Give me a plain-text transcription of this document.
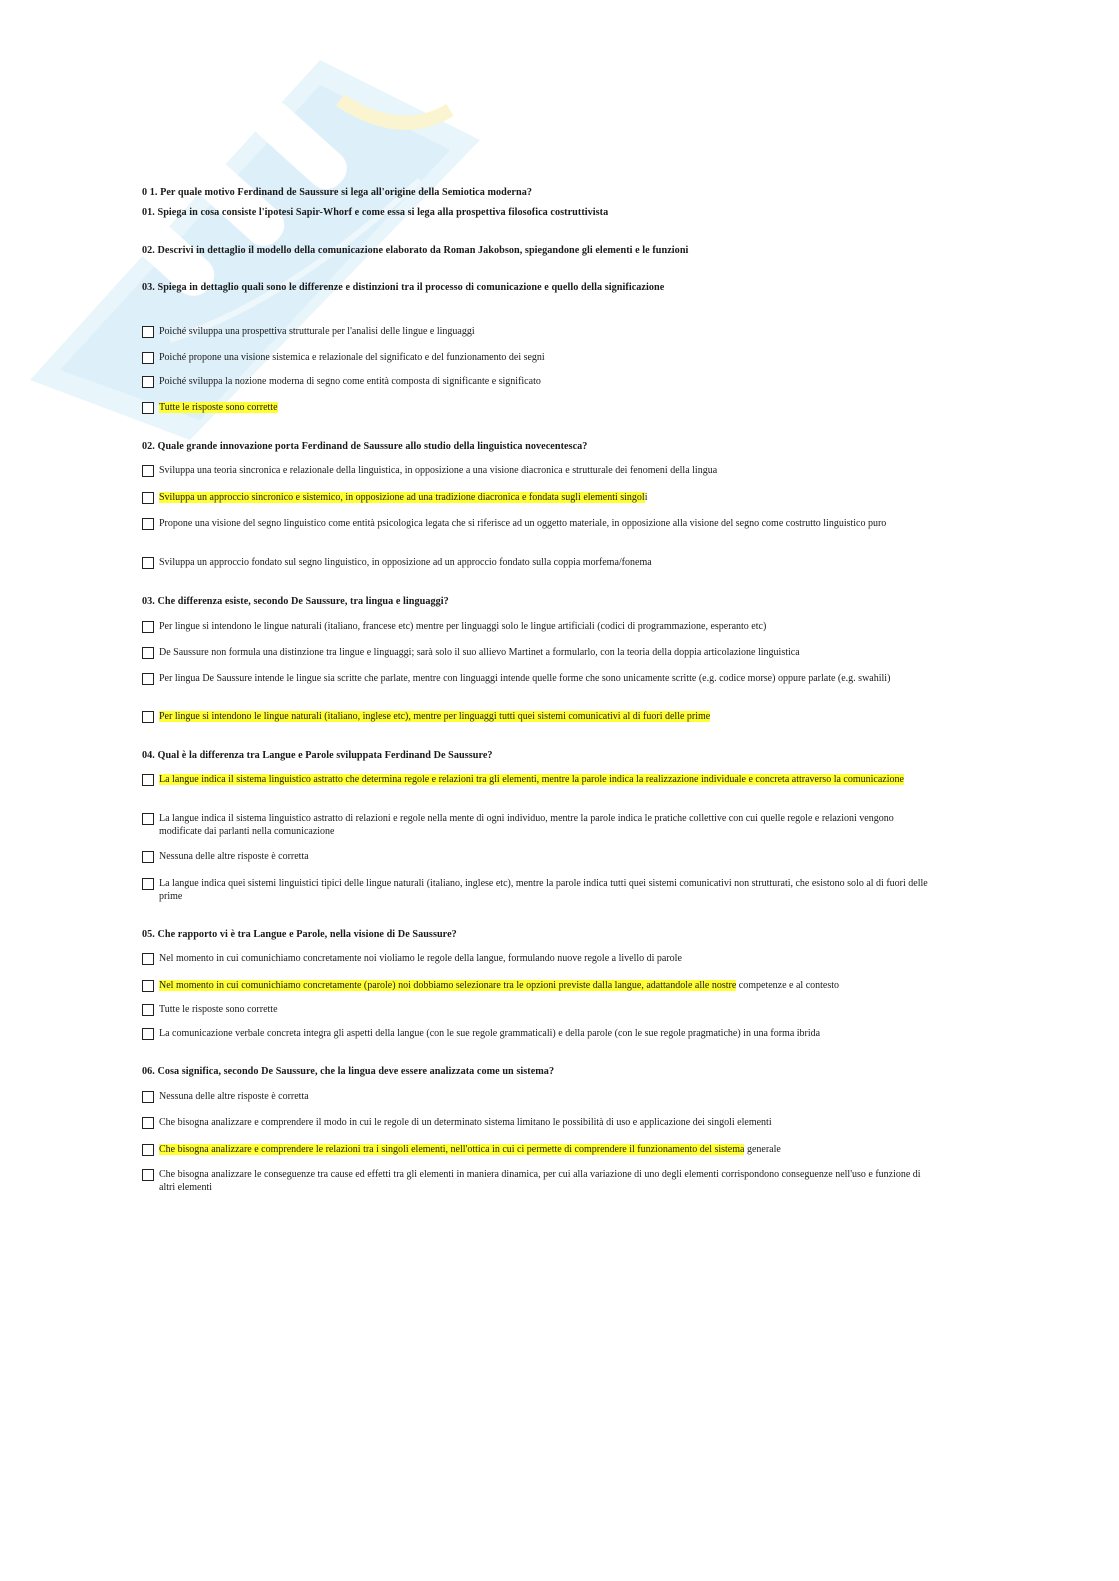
0 1. Per quale motivo Ferdinand de Saussure si lega all'origine della Semiotica moderna?
01. Spiega in cosa consiste l'ipotesi Sapir-Whorf e come essa si lega alla prospettiva filosofica costruttivista
02. Descrivi in dettaglio il modello della comunicazione elaborato da Roman Jakobson, spiegandone gli elementi e le funzioni
03. Spiega in dettaglio quali sono le differenze e distinzioni tra il processo di comunicazione e quello della significazione
Poiché sviluppa una prospettiva strutturale per l'analisi delle lingue e linguaggi
Poiché propone una visione sistemica e relazionale del significato e del funzionamento dei segni
Poiché sviluppa la nozione moderna di segno come entità composta di significante e significato
Tutte le risposte sono corrette
02. Quale grande innovazione porta Ferdinand de Saussure allo studio della linguistica novecentesca?
Sviluppa una teoria sincronica e relazionale della linguistica, in opposizione a una visione diacronica e strutturale dei fenomeni della lingua
Sviluppa un approccio sincronico e sistemico, in opposizione ad una tradizione diacronica e fondata sugli elementi singoli
Propone una visione del segno linguistico come entità psicologica legata che si riferisce ad un oggetto materiale, in opposizione alla visione del segno come costrutto linguistico puro
Sviluppa un approccio fondato sul segno linguistico, in opposizione ad un approccio fondato sulla coppia morfema/fonema
03. Che differenza esiste, secondo De Saussure, tra lingua e linguaggi?
Per lingue si intendono le lingue naturali (italiano, francese etc) mentre per linguaggi solo le lingue artificiali (codici di programmazione, esperanto etc)
De Saussure non formula una distinzione tra lingue e linguaggi; sarà solo il suo allievo Martinet a formularlo, con la teoria della doppia articolazione linguistica
Per lingua De Saussure intende le lingue sia scritte che parlate, mentre con linguaggi intende quelle forme che sono unicamente scritte (e.g. codice morse) oppure parlate (e.g. swahili)
Per lingue si intendono le lingue naturali (italiano, inglese etc), mentre per linguaggi tutti quei sistemi comunicativi al di fuori delle prime
04. Qual è la differenza tra Langue e Parole sviluppata Ferdinand De Saussure?
La langue indica il sistema linguistico astratto che determina regole e relazioni tra gli elementi, mentre la parole indica la realizzazione individuale e concreta attraverso la comunicazione
La langue indica il sistema linguistico astratto di relazioni e regole nella mente di ogni individuo, mentre la parole indica le pratiche collettive con cui quelle regole e relazioni vengono modificate dai parlanti nella comunicazione
Nessuna delle altre risposte è corretta
La langue indica quei sistemi linguistici tipici delle lingue naturali (italiano, inglese etc), mentre la parole indica tutti quei sistemi comunicativi non strutturati, che esistono solo al di fuori delle prime
05. Che rapporto vi è tra Langue e Parole, nella visione di De Saussure?
Nel momento in cui comunichiamo concretamente noi violiamo le regole della langue, formulando nuove regole a livello di parole
Nel momento in cui comunichiamo concretamente (parole) noi dobbiamo selezionare tra le opzioni previste dalla langue, adattandole alle nostre competenze e al contesto
Tutte le risposte sono corrette
La comunicazione verbale concreta integra gli aspetti della langue (con le sue regole grammaticali) e della parole (con le sue regole pragmatiche) in una forma ibrida
06. Cosa significa, secondo De Saussure, che la lingua deve essere analizzata come un sistema?
Nessuna delle altre risposte è corretta
Che bisogna analizzare e comprendere il modo in cui le regole di un determinato sistema limitano le possibilità di uso e applicazione dei singoli elementi
Che bisogna analizzare e comprendere le relazioni tra i singoli elementi, nell'ottica in cui ci permette di comprendere il funzionamento del sistema generale
Che bisogna analizzare le conseguenze tra cause ed effetti tra gli elementi in maniera dinamica, per cui alla variazione di uno degli elementi corrispondono conseguenze nell'uso e funzione di altri elementi
